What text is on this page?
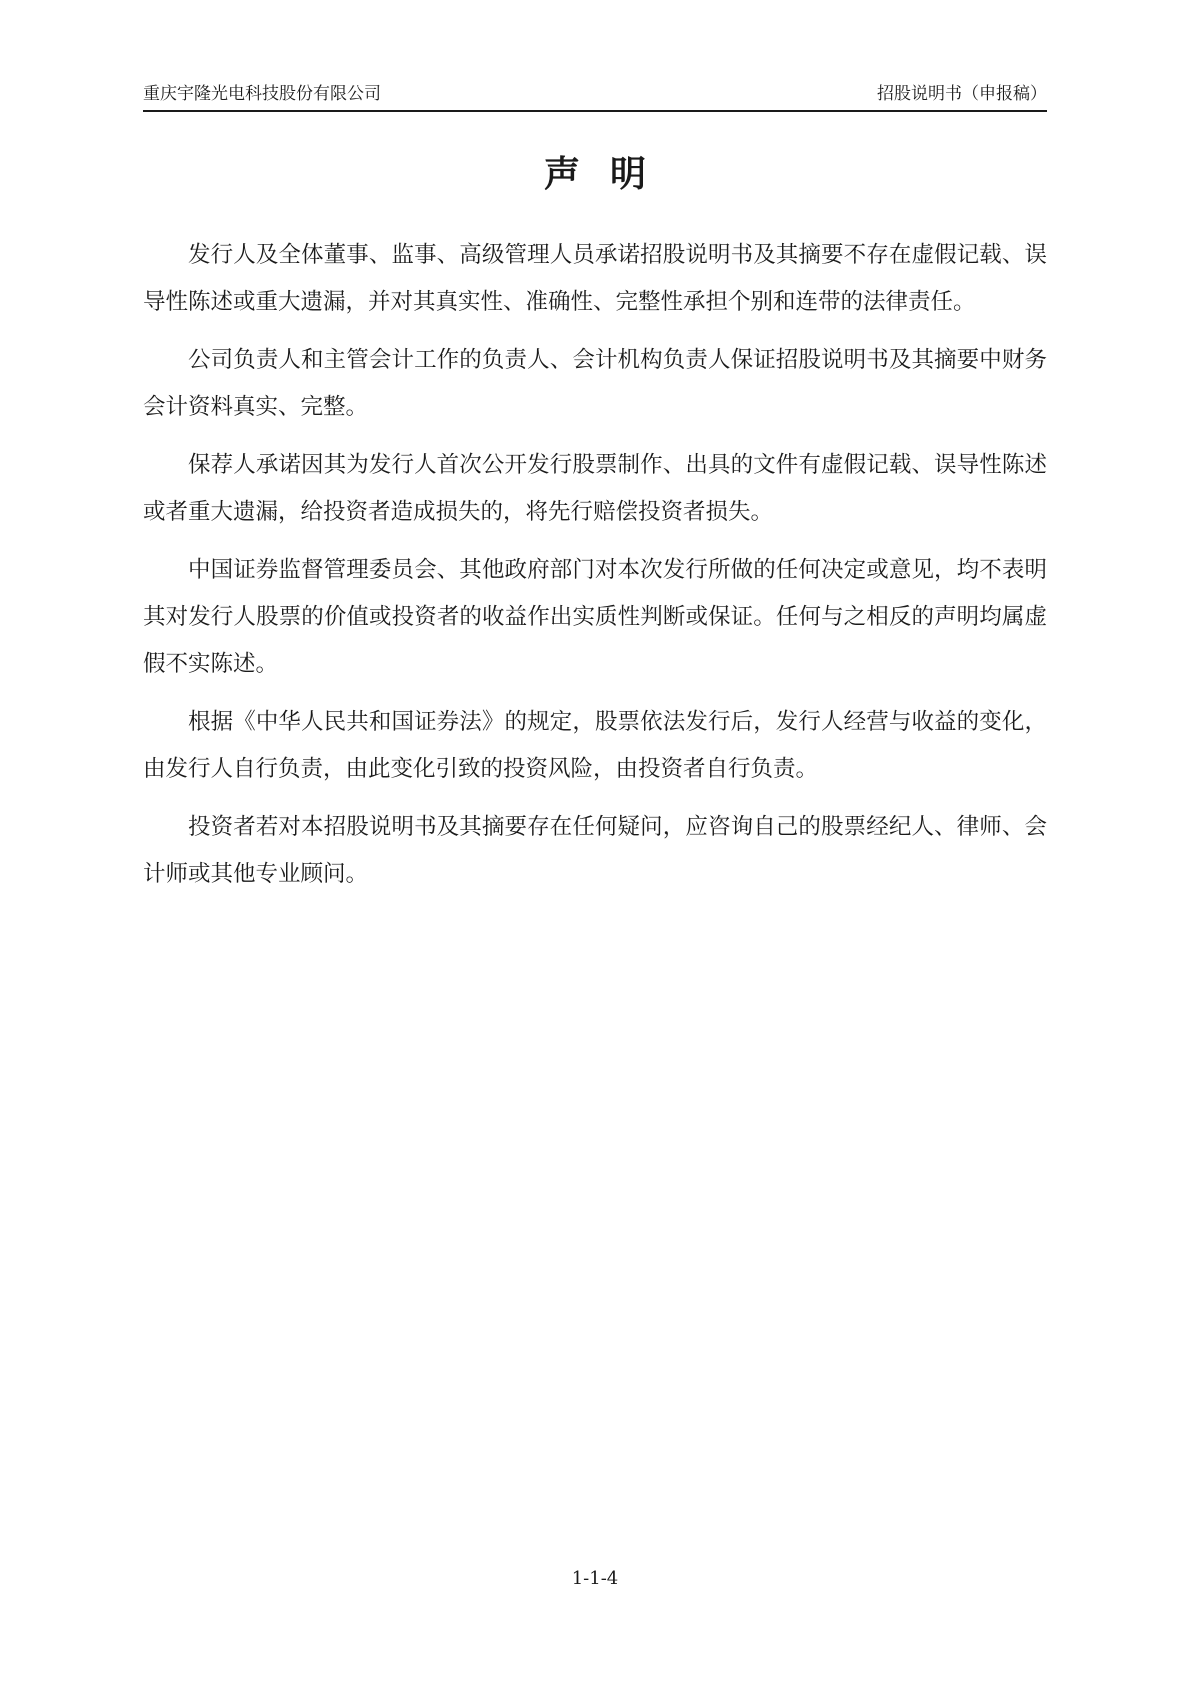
重庆宇隆光电科技股份有限公司	招股说明书（申报稿）
声明

发行人及全体董事、监事、高级管理人员承诺招股说明书及其摘要不存在虚假记载、误导性陈述或重大遗漏，并对其真实性、准确性、完整性承担个别和连带的法律责任。

公司负责人和主管会计工作的负责人、会计机构负责人保证招股说明书及其摘要中财务会计资料真实、完整。

保荐人承诺因其为发行人首次公开发行股票制作、出具的文件有虚假记载、误导性陈述或者重大遗漏，给投资者造成损失的，将先行赔偿投资者损失。

中国证券监督管理委员会、其他政府部门对本次发行所做的任何决定或意见，均不表明其对发行人股票的价值或投资者的收益作出实质性判断或保证。任何与之相反的声明均属虚假不实陈述。

根据《中华人民共和国证券法》的规定，股票依法发行后，发行人经营与收益的变化，由发行人自行负责，由此变化引致的投资风险，由投资者自行负责。

投资者若对本招股说明书及其摘要存在任何疑问，应咨询自己的股票经纪人、律师、会计师或其他专业顾问。

1-1-4
